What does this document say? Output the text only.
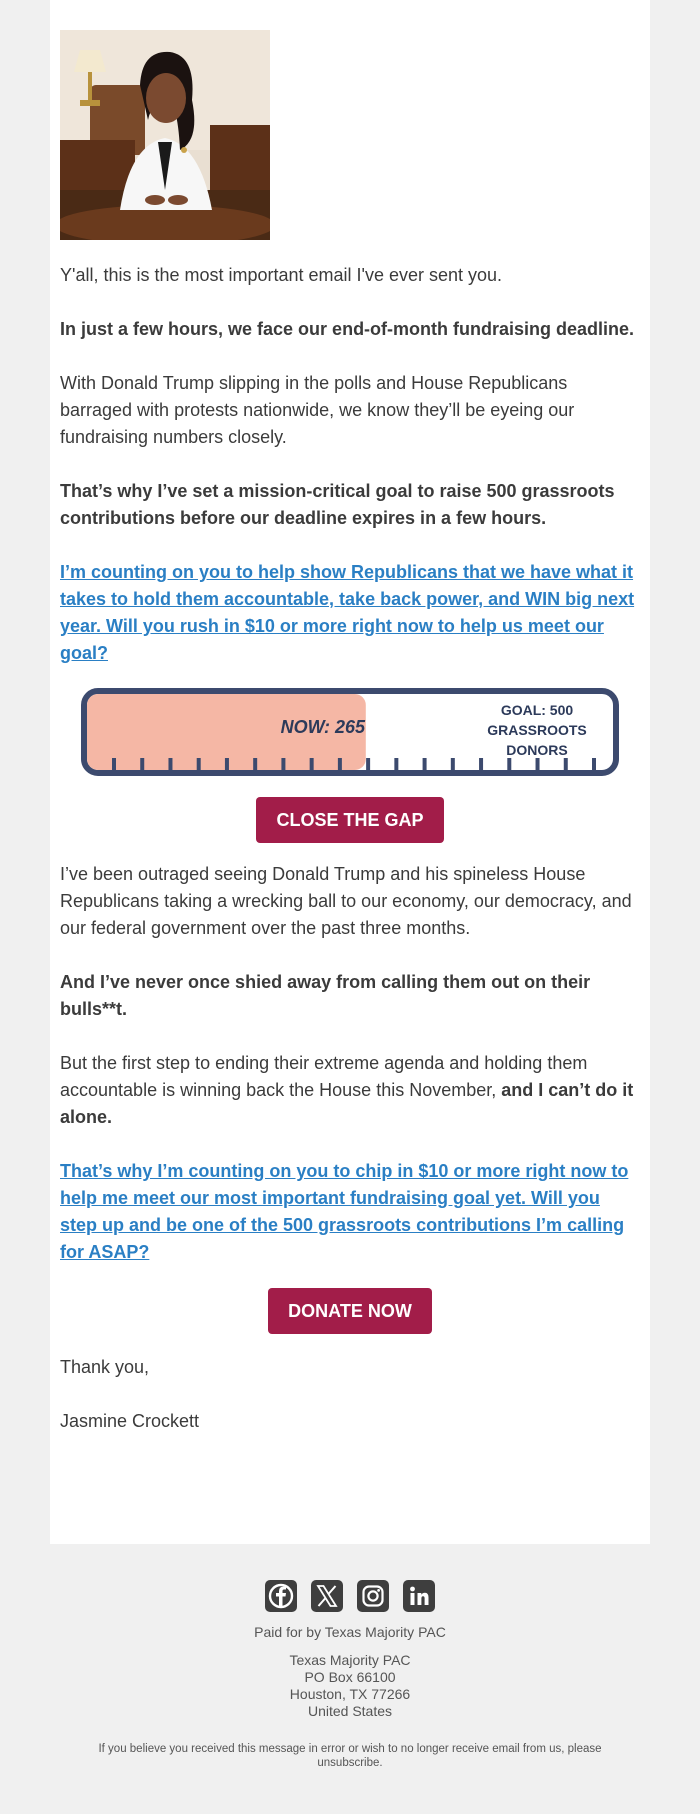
Y'all, this is the most important email I've ever sent you.

In just a few hours, we face our end-of-month fundraising deadline.

With Donald Trump slipping in the polls and House Republicans barraged with protests nationwide, we know they’ll be eyeing our fundraising numbers closely.

That’s why I’ve set a mission-critical goal to raise 500 grassroots contributions before our deadline expires in a few hours.

I’m counting on you to help show Republicans that we have what it takes to hold them accountable, take back power, and WIN big next year. Will you rush in $10 or more right now to help us meet our goal?

NOW: 265
GOAL: 500
GRASSROOTS
DONORS
CLOSE THE GAP

I’ve been outraged seeing Donald Trump and his spineless House Republicans taking a wrecking ball to our economy, our democracy, and our federal government over the past three months.

And I’ve never once shied away from calling them out on their bulls**t.

But the first step to ending their extreme agenda and holding them accountable is winning back the House this November, and I can’t do it alone.

That’s why I’m counting on you to chip in $10 or more right now to help me meet our most important fundraising goal yet. Will you step up and be one of the 500 grassroots contributions I’m calling for ASAP?

DONATE NOW

Thank you,

Jasmine Crockett

Paid for by Texas Majority PAC
Texas Majority PAC
PO Box 66100
Houston, TX 77266
United States
If you believe you received this message in error or wish to no longer receive email from us, please unsubscribe.
